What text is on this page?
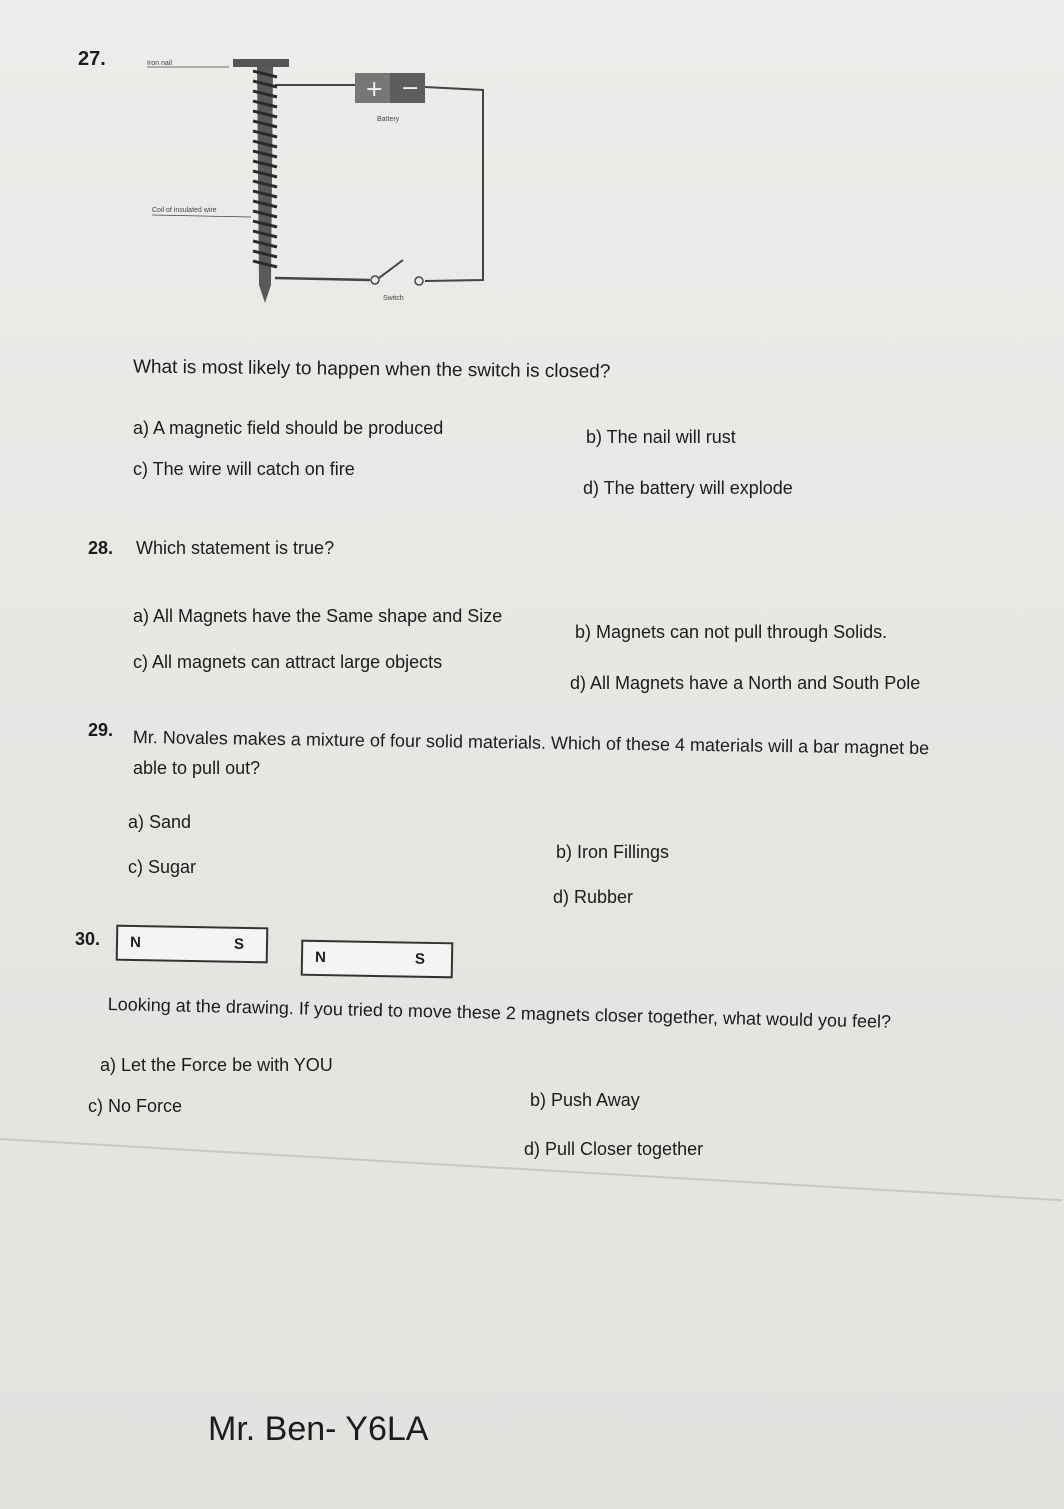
27.
+ −
Iron nail
Battery
Coil of insulated wire
Switch
What is most likely to happen when the switch is closed?
a) A magnetic field should be produced	b) The nail will rust
c) The wire will catch on fire
d) The battery will explode
28. Which statement is true?
a) All Magnets have the Same shape and Size
b) Magnets can not pull through Solids.
c) All magnets can attract large objects
d) All Magnets have a North and South Pole
29. Mr. Novales makes a mixture of four solid materials. Which of these 4 materials will a bar magnet be
able to pull out?
a) Sand
b) Iron Fillings
c) Sugar
d) Rubber
30. N	S
N	S
Looking at the drawing. If you tried to move these 2 magnets closer together, what would you feel?
a) Let the Force be with YOU
b) Push Away
c) No Force
d) Pull Closer together
Mr. Ben- Y6LA
